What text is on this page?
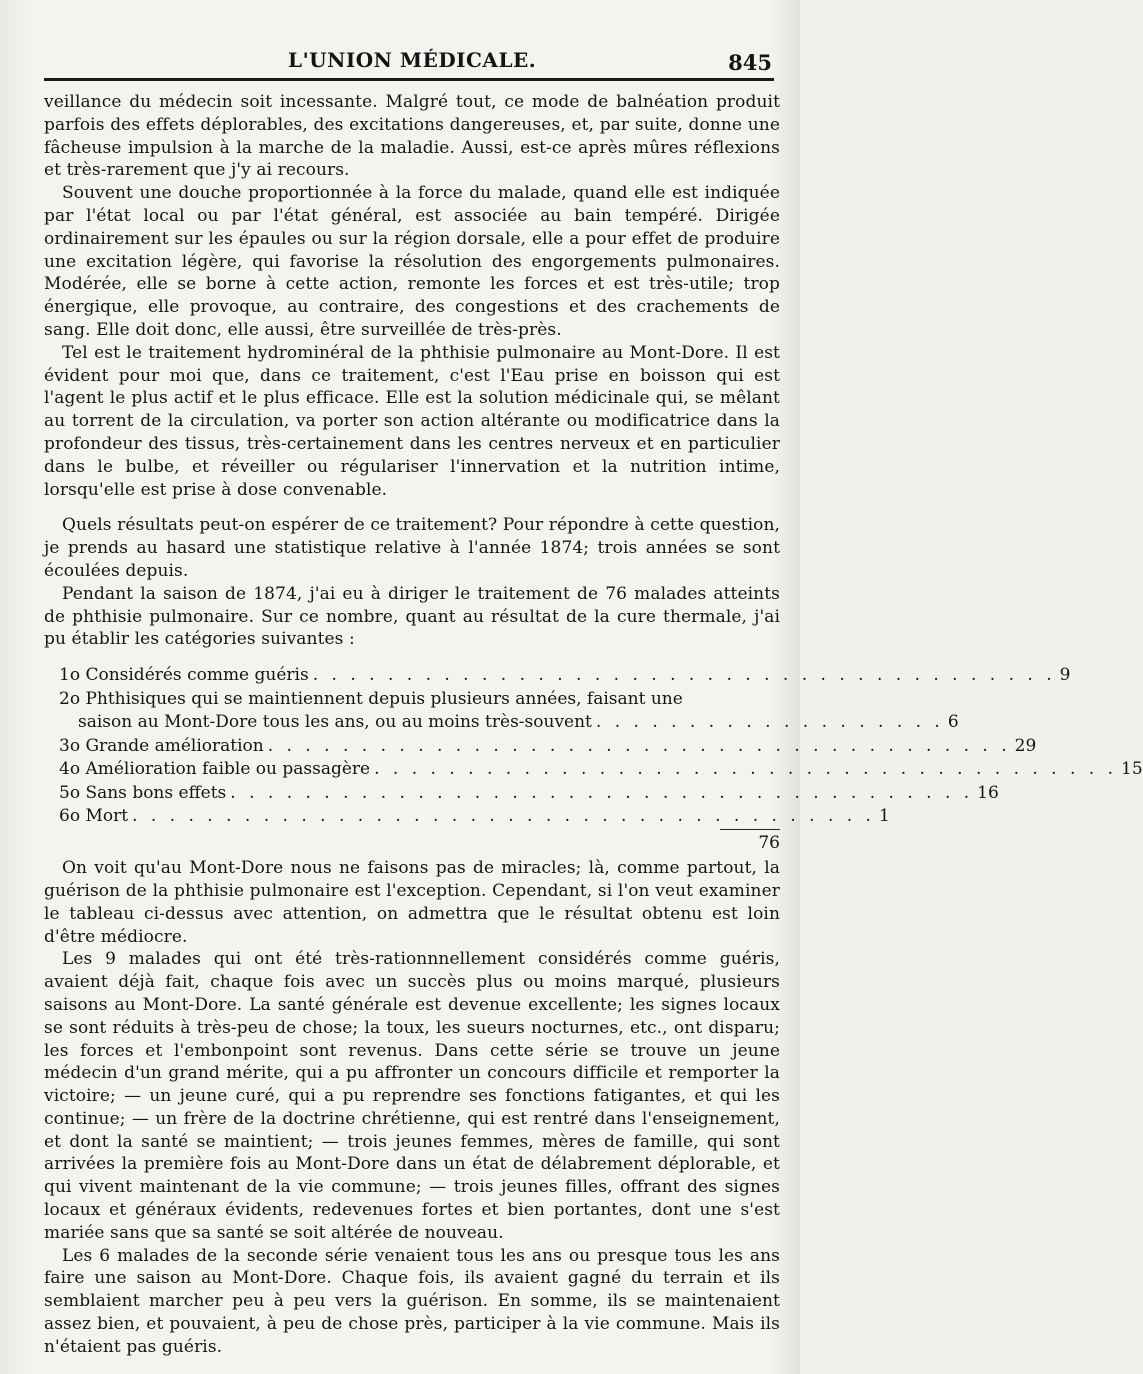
L'UNION MÉDICALE.	845

veillance du médecin soit incessante. Malgré tout, ce mode de balnéation produit parfois des effets déplorables, des excitations dangereuses, et, par suite, donne une fâcheuse impulsion à la marche de la maladie. Aussi, est-ce après mûres réflexions et très-rarement que j'y ai recours.

Souvent une douche proportionnée à la force du malade, quand elle est indiquée par l'état local ou par l'état général, est associée au bain tempéré. Dirigée ordinairement sur les épaules ou sur la région dorsale, elle a pour effet de produire une excitation légère, qui favorise la résolution des engorgements pulmonaires. Modérée, elle se borne à cette action, remonte les forces et est très-utile; trop énergique, elle provoque, au contraire, des congestions et des crachements de sang. Elle doit donc, elle aussi, être surveillée de très-près.

Tel est le traitement hydrominéral de la phthisie pulmonaire au Mont-Dore. Il est évident pour moi que, dans ce traitement, c'est l'Eau prise en boisson qui est l'agent le plus actif et le plus efficace. Elle est la solution médicinale qui, se mêlant au torrent de la circulation, va porter son action altérante ou modificatrice dans la profondeur des tissus, très-certainement dans les centres nerveux et en particulier dans le bulbe, et réveiller ou régulariser l'innervation et la nutrition intime, lorsqu'elle est prise à dose convenable.

Quels résultats peut-on espérer de ce traitement? Pour répondre à cette question, je prends au hasard une statistique relative à l'année 1874; trois années se sont écoulées depuis.

Pendant la saison de 1874, j'ai eu à diriger le traitement de 76 malades atteints de phthisie pulmonaire. Sur ce nombre, quant au résultat de la cure thermale, j'ai pu établir les catégories suivantes :

1o Considérés comme guéris . . . . . . . . . . . . . . . . . . . . . . . . . . . . . . . . . . . . . . . . 9
2o Phthisiques qui se maintiennent depuis plusieurs années, faisant une
saison au Mont-Dore tous les ans, ou au moins très-souvent . . . . . . . . . . . . . . . . . . . 6
3o Grande amélioration . . . . . . . . . . . . . . . . . . . . . . . . . . . . . . . . . . . . . . . . 29
4o Amélioration faible ou passagère . . . . . . . . . . . . . . . . . . . . . . . . . . . . . . . . . . . . . . . . 15
5o Sans bons effets . . . . . . . . . . . . . . . . . . . . . . . . . . . . . . . . . . . . . . . . 16
6o Mort . . . . . . . . . . . . . . . . . . . . . . . . . . . . . . . . . . . . . . . . 1
76

On voit qu'au Mont-Dore nous ne faisons pas de miracles; là, comme partout, la guérison de la phthisie pulmonaire est l'exception. Cependant, si l'on veut examiner le tableau ci-dessus avec attention, on admettra que le résultat obtenu est loin d'être médiocre.

Les 9 malades qui ont été très-rationnnellement considérés comme guéris, avaient déjà fait, chaque fois avec un succès plus ou moins marqué, plusieurs saisons au Mont-Dore. La santé générale est devenue excellente; les signes locaux se sont réduits à très-peu de chose; la toux, les sueurs nocturnes, etc., ont disparu; les forces et l'embonpoint sont revenus. Dans cette série se trouve un jeune médecin d'un grand mérite, qui a pu affronter un concours difficile et remporter la victoire; — un jeune curé, qui a pu reprendre ses fonctions fatigantes, et qui les continue; — un frère de la doctrine chrétienne, qui est rentré dans l'enseignement, et dont la santé se maintient; — trois jeunes femmes, mères de famille, qui sont arrivées la première fois au Mont-Dore dans un état de délabrement déplorable, et qui vivent maintenant de la vie commune; — trois jeunes filles, offrant des signes locaux et généraux évidents, redevenues fortes et bien portantes, dont une s'est mariée sans que sa santé se soit altérée de nouveau.

Les 6 malades de la seconde série venaient tous les ans ou presque tous les ans faire une saison au Mont-Dore. Chaque fois, ils avaient gagné du terrain et ils semblaient marcher peu à peu vers la guérison. En somme, ils se maintenaient assez bien, et pouvaient, à peu de chose près, participer à la vie commune. Mais ils n'étaient pas guéris.
